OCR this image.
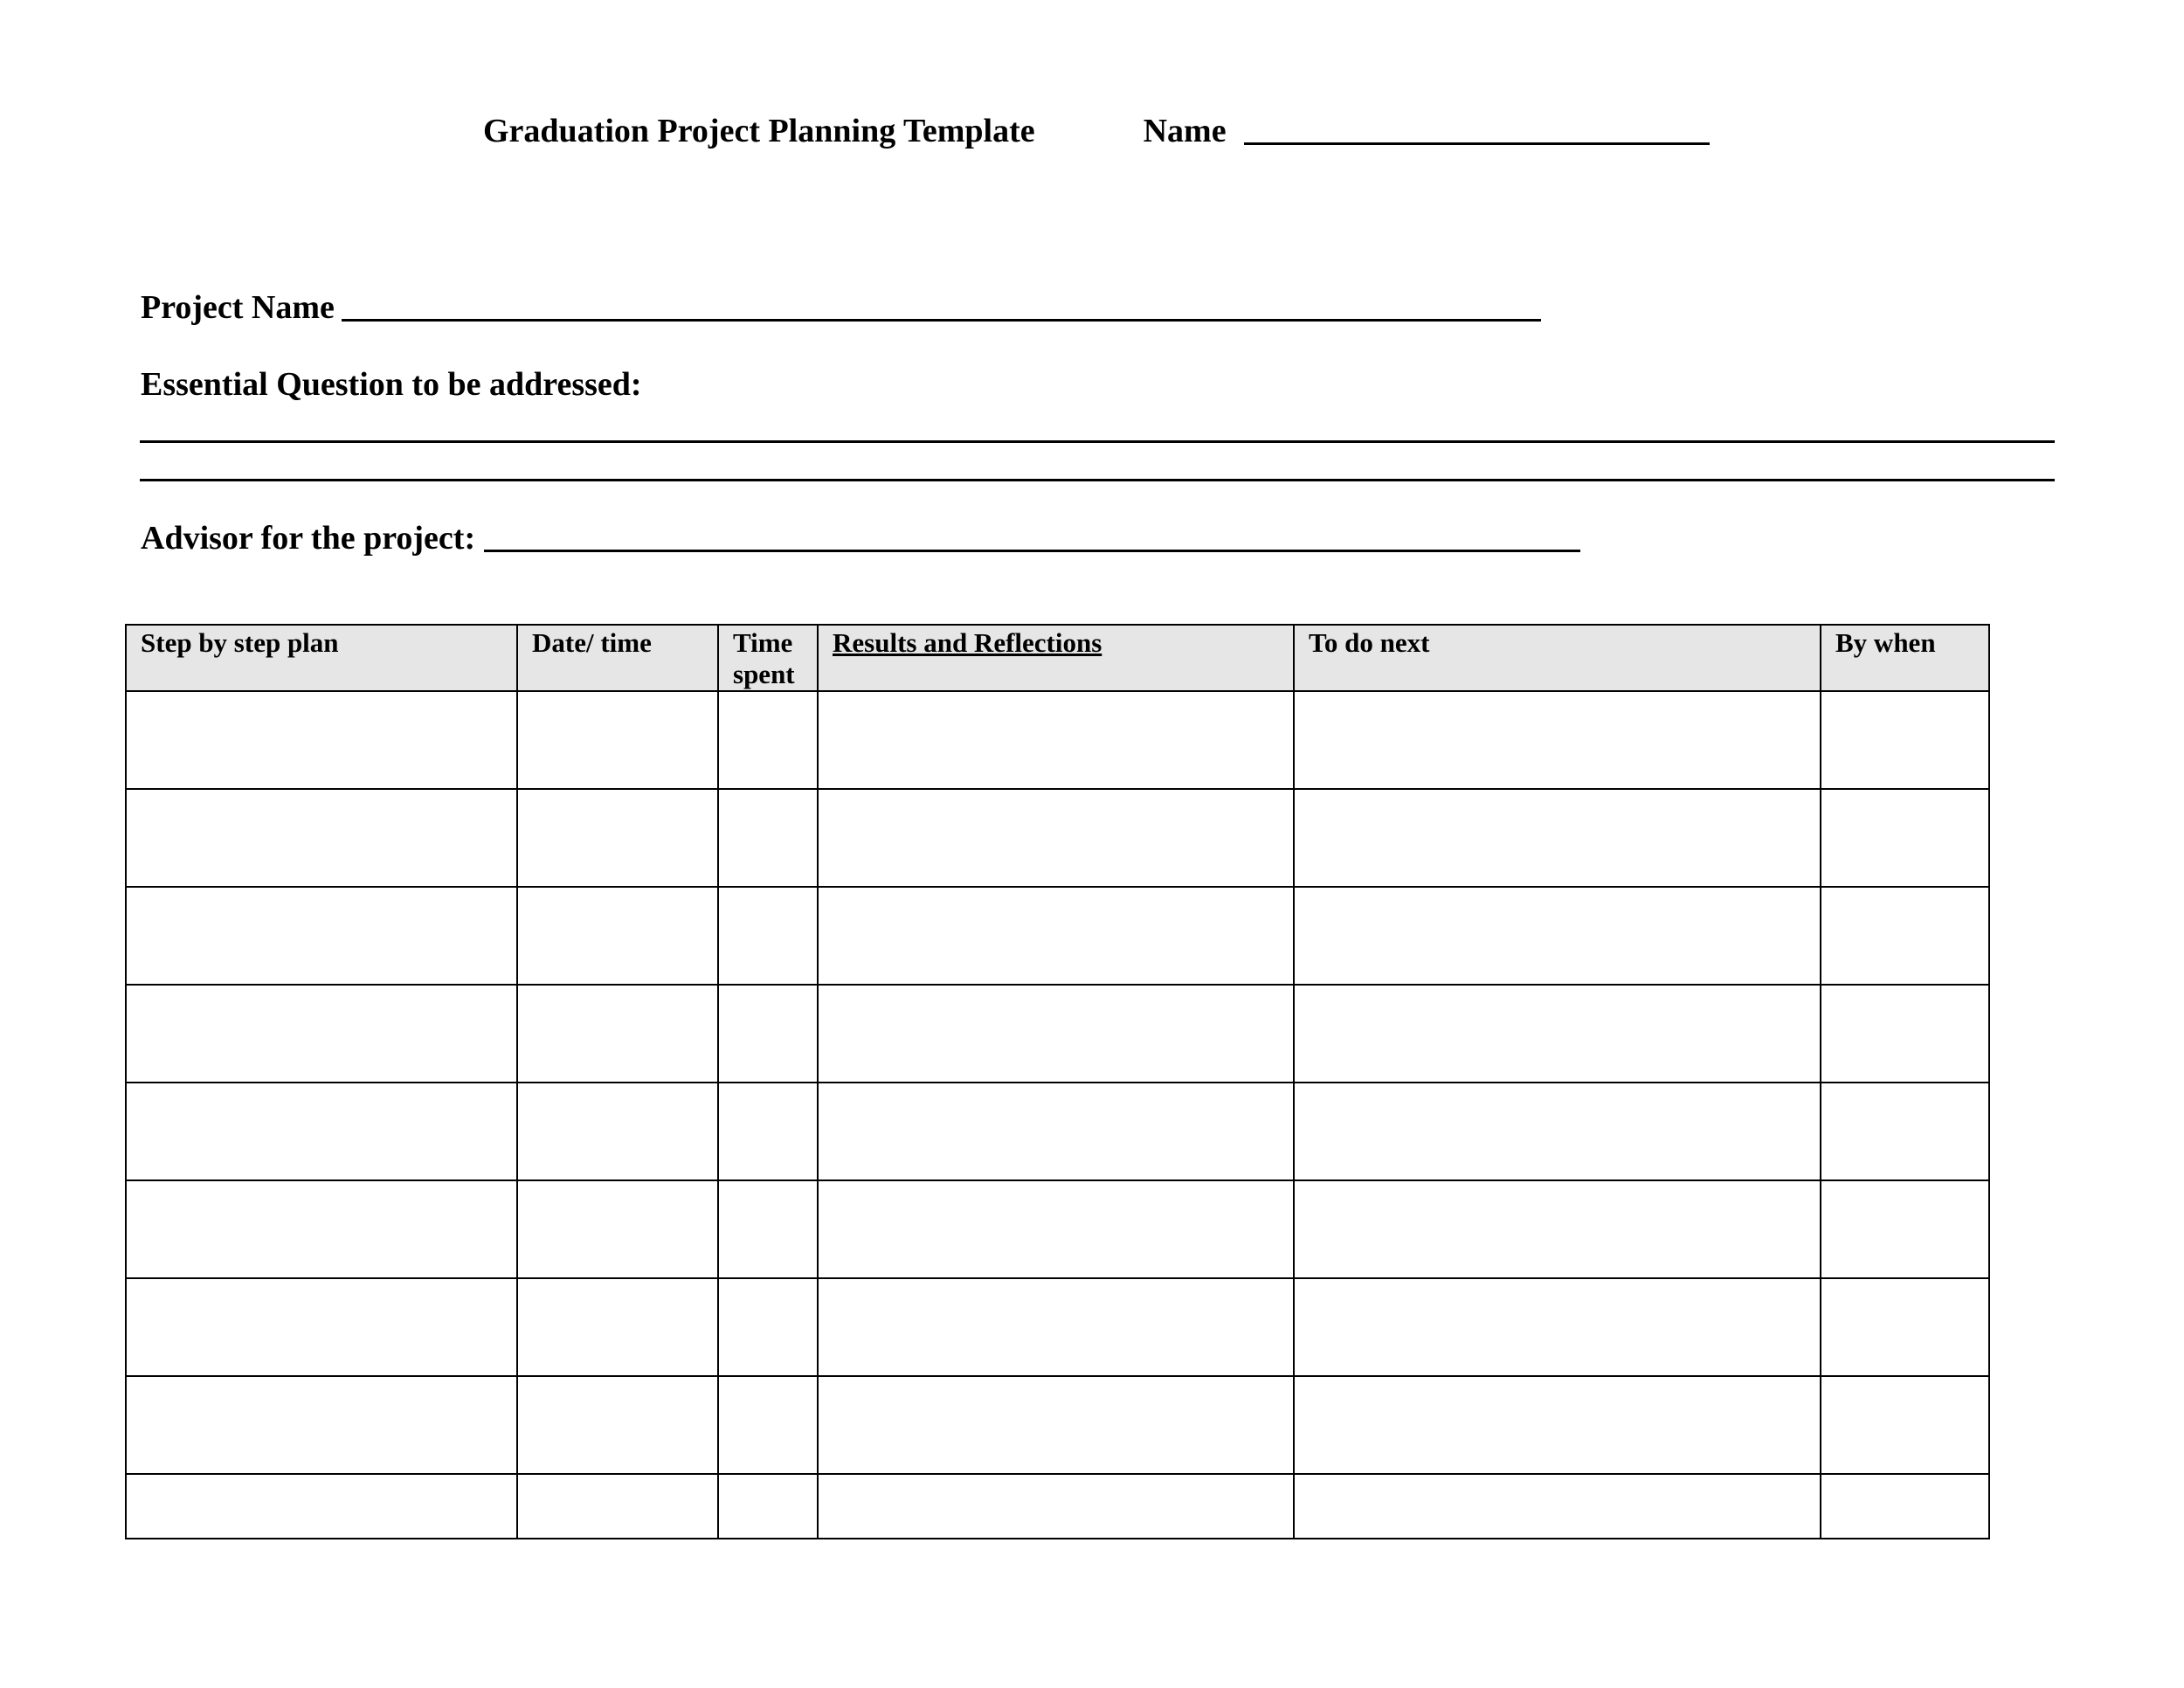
Graduation Project Planning Template	Name
Project Name
Essential Question to be addressed:
Advisor for the project:
Step by step plan	Date/ time	Time spent	Results and Reflections	To do next	By when
